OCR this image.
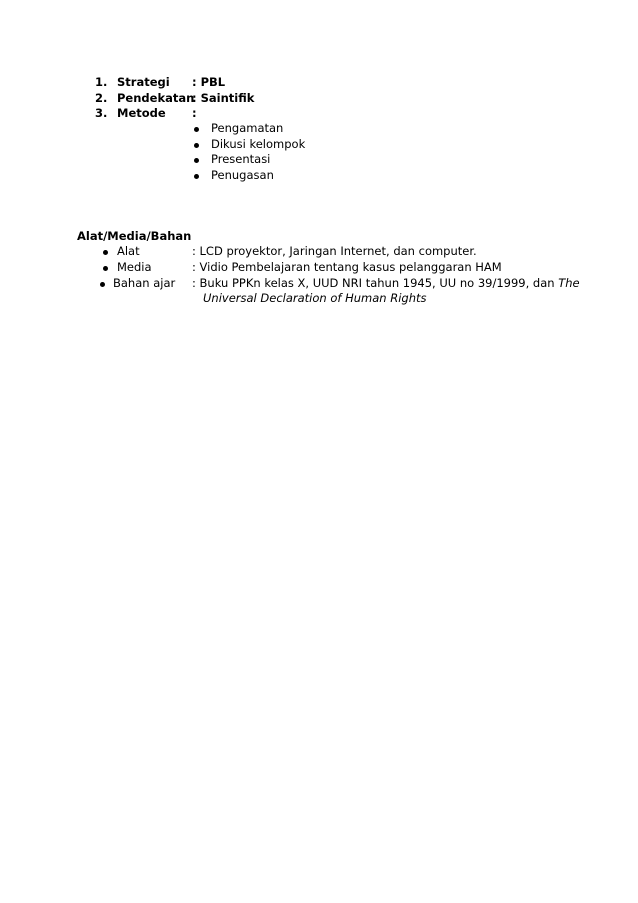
1. Strategi : PBL
2. Pendekatan
: Saintifik
3. Metode :
Pengamatan
Dikusi kelompok
Presentasi
Penugasan
Alat/Media/Bahan
Alat	: LCD proyektor, Jaringan Internet, dan computer.
Media	: Vidio Pembelajaran tentang kasus pelanggaran HAM
Bahan ajar : Buku PPKn kelas X, UUD NRI tahun 1945, UU no 39/1999, dan The
Universal Declaration of Human Rights
